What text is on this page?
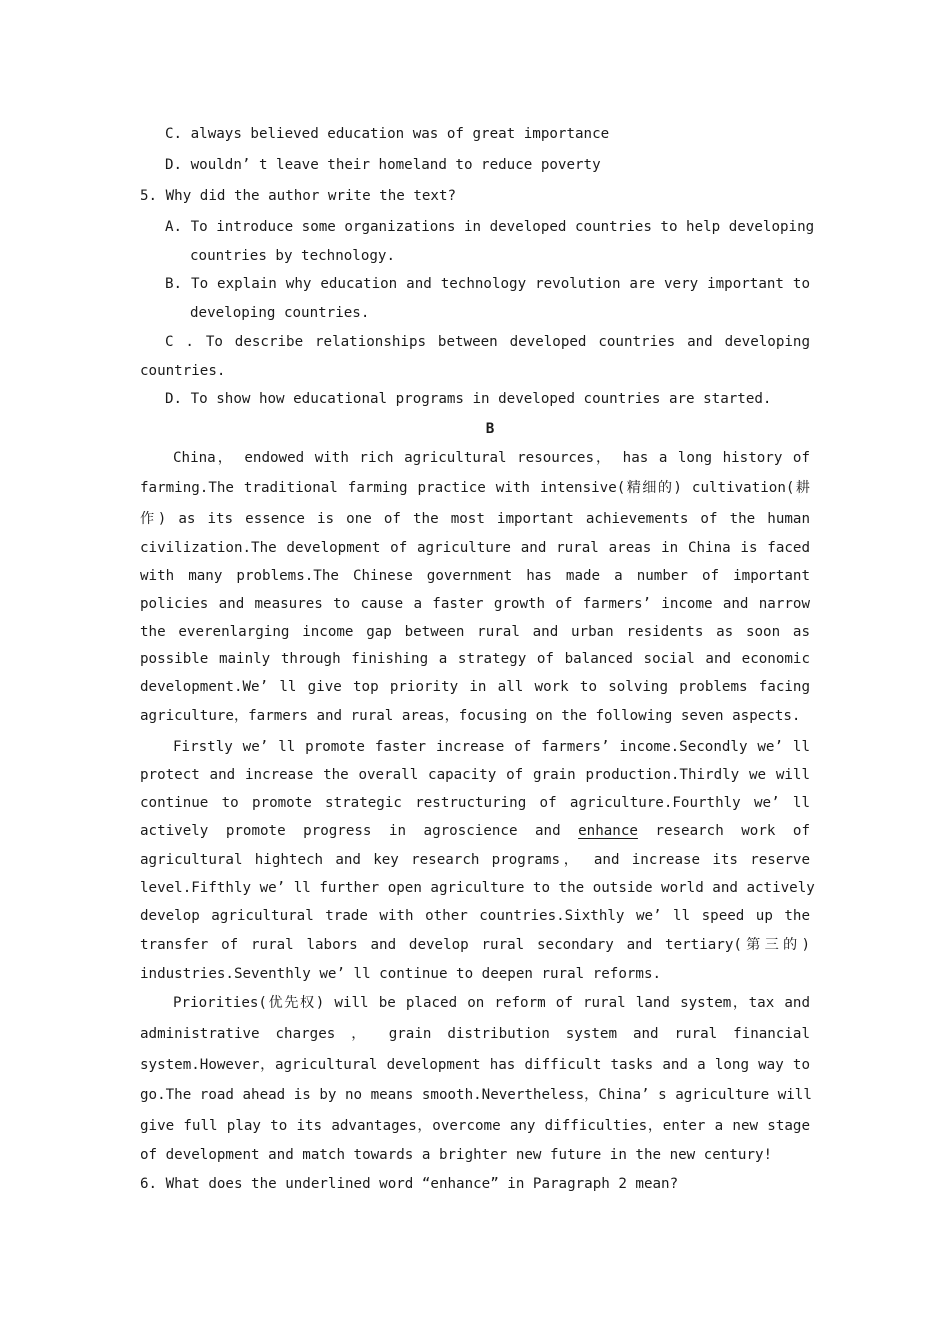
C. always believed education was of great importance
D. wouldn’ t leave their homeland to reduce poverty
5. Why did the author write the text?
A. To introduce some organizations in developed countries to help developing
countries by technology.
B. To explain why education and technology revolution are very important to
developing countries.
C . To describe relationships between developed countries and developing
countries.
D. To show how educational programs in developed countries are started.
B
China， endowed with rich agricultural resources， has a long history of
farming.The traditional farming practice with intensive(精细的) cultivation(耕
作) as its essence is one of the most important achievements of the human
civilization.The development of agriculture and rural areas in China is faced
with many problems.The Chinese government has made a number of important
policies and measures to cause a faster growth of farmers’ income and narrow
the everenlarging income gap between rural and urban residents as soon as
possible mainly through finishing a strategy of balanced social and economic
development.We’ ll give top priority in all work to solving problems facing
agriculture，farmers and rural areas，focusing on the following seven aspects.
Firstly we’ ll promote faster increase of farmers’ income.Secondly we’ ll
protect and increase the overall capacity of grain production.Thirdly we will
continue to promote strategic restructuring of agriculture.Fourthly we’ ll
actively promote progress in agroscience and enhance research work of
agricultural hightech and key research programs， and increase its reserve
level.Fifthly we’ ll further open agriculture to the outside world and actively
develop agricultural trade with other countries.Sixthly we’ ll speed up the
transfer of rural labors and develop rural secondary and tertiary(第三的)
industries.Seventhly we’ ll continue to deepen rural reforms.
Priorities(优先权) will be placed on reform of rural land system，tax and
administrative charges ， grain distribution system and rural financial
system.However，agricultural development has difficult tasks and a long way to
go.The road ahead is by no means smooth.Nevertheless，China’ s agriculture will
give full play to its advantages，overcome any difficulties，enter a new stage
of development and match towards a brighter new future in the new century!
6. What does the underlined word “enhance” in Paragraph 2 mean?
